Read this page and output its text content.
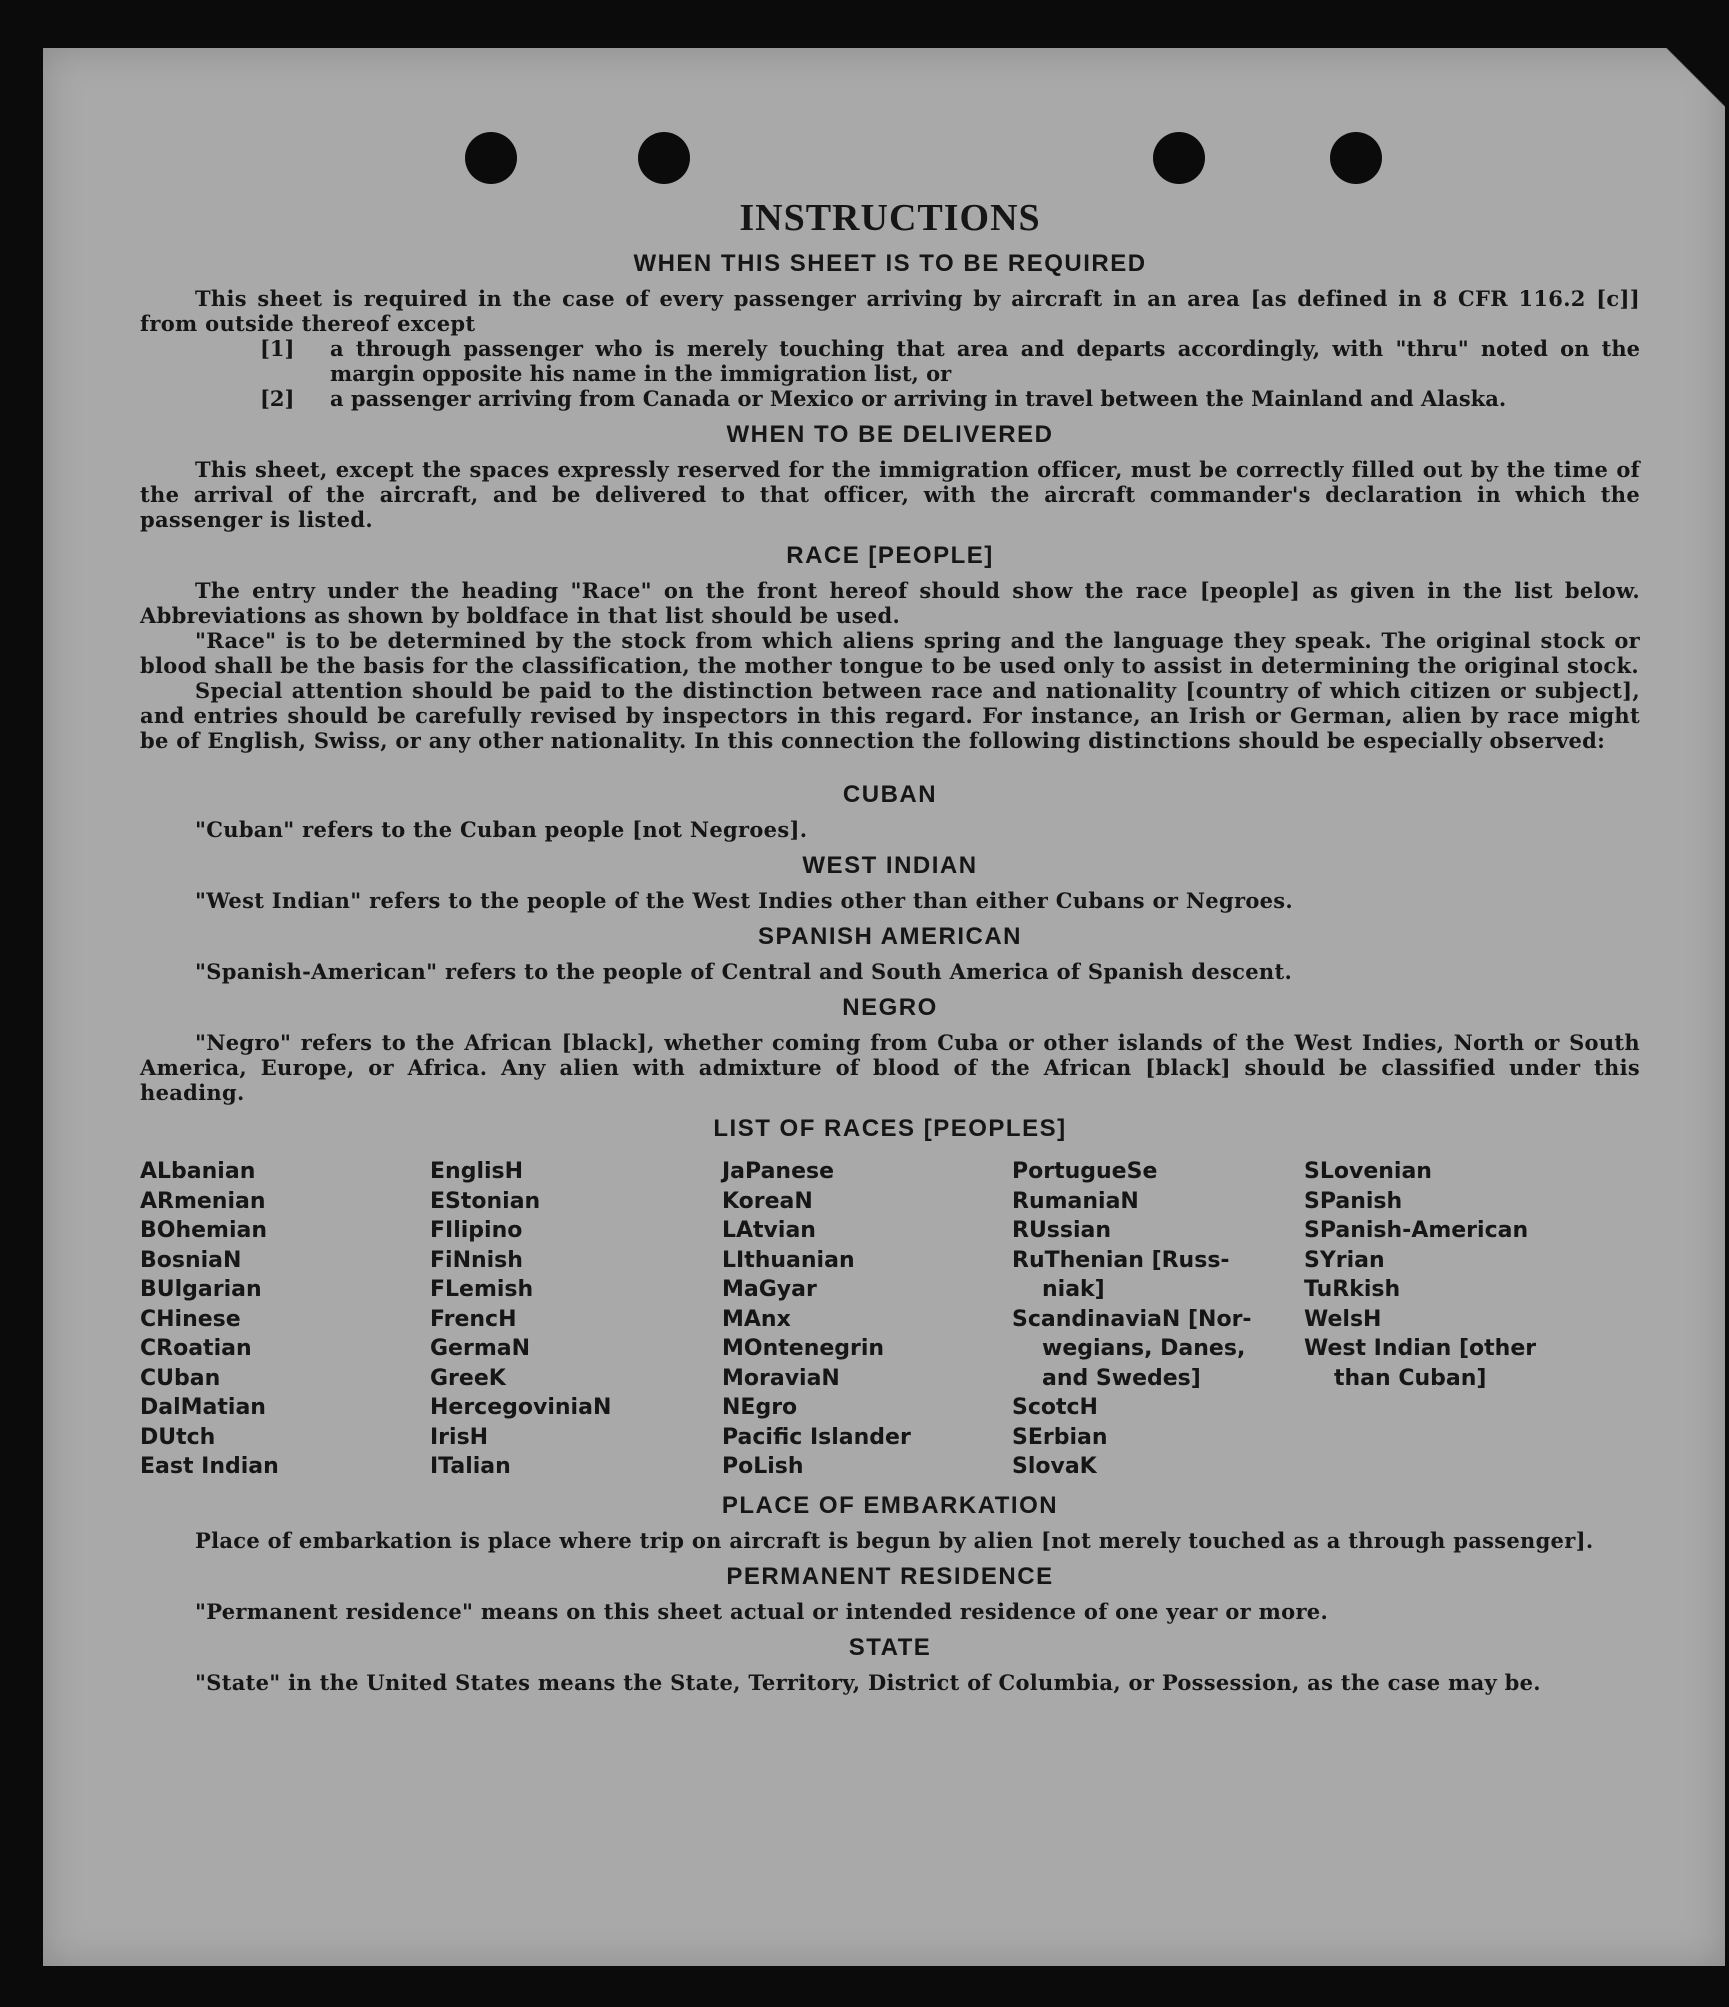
INSTRUCTIONS
WHEN THIS SHEET IS TO BE REQUIRED

This sheet is required in the case of every passenger arriving by aircraft in an area [as defined in 8 CFR 116.2 [c]] from outside thereof except

[1]	a through passenger who is merely touching that area and departs accordingly, with "thru" noted on the margin opposite his name in the immigration list, or
[2]	a passenger arriving from Canada or Mexico or arriving in travel between the Mainland and Alaska.
WHEN TO BE DELIVERED

This sheet, except the spaces expressly reserved for the immigration officer, must be correctly filled out by the time of the arrival of the aircraft, and be delivered to that officer, with the aircraft commander's declaration in which the passenger is listed.

RACE [PEOPLE]

The entry under the heading "Race" on the front hereof should show the race [people] as given in the list below. Abbreviations as shown by boldface in that list should be used.

"Race" is to be determined by the stock from which aliens spring and the language they speak. The original stock or blood shall be the basis for the classification, the mother tongue to be used only to assist in determining the original stock.

Special attention should be paid to the distinction between race and nationality [country of which citizen or subject], and entries should be carefully revised by inspectors in this regard. For instance, an Irish or German, alien by race might be of English, Swiss, or any other nationality. In this connection the following distinctions should be especially observed:

CUBAN

"Cuban" refers to the Cuban people [not Negroes].

WEST INDIAN

"West Indian" refers to the people of the West Indies other than either Cubans or Negroes.

SPANISH AMERICAN

"Spanish-American" refers to the people of Central and South America of Spanish descent.

NEGRO

"Negro" refers to the African [black], whether coming from Cuba or other islands of the West Indies, North or South America, Europe, or Africa. Any alien with admixture of blood of the African [black] should be classified under this heading.

LIST OF RACES [PEOPLES]
ALbanian
ARmenian
BOhemian
BosniaN
BUlgarian
CHinese
CRoatian
CUban
DalMatian
DUtch
East Indian
EnglisH
EStonian
FIlipino
FiNnish
FLemish
FrencH
GermaN
GreeK
HercegoviniaN
IrisH
ITalian
JaPanese
KoreaN
LAtvian
LIthuanian
MaGyar
MAnx
MOntenegrin
MoraviaN
NEgro
Pacific Islander
PoLish
PortugueSe
RumaniaN
RUssian
RuThenian [Russ-
niak]
ScandinaviaN [Nor-
wegians, Danes,
and Swedes]
ScotcH
SErbian
SlovaK
SLovenian
SPanish
SPanish-American
SYrian
TuRkish
WelsH
West Indian [other
than Cuban]
PLACE OF EMBARKATION

Place of embarkation is place where trip on aircraft is begun by alien [not merely touched as a through passenger].

PERMANENT RESIDENCE

"Permanent residence" means on this sheet actual or intended residence of one year or more.

STATE

"State" in the United States means the State, Territory, District of Columbia, or Possession, as the case may be.
